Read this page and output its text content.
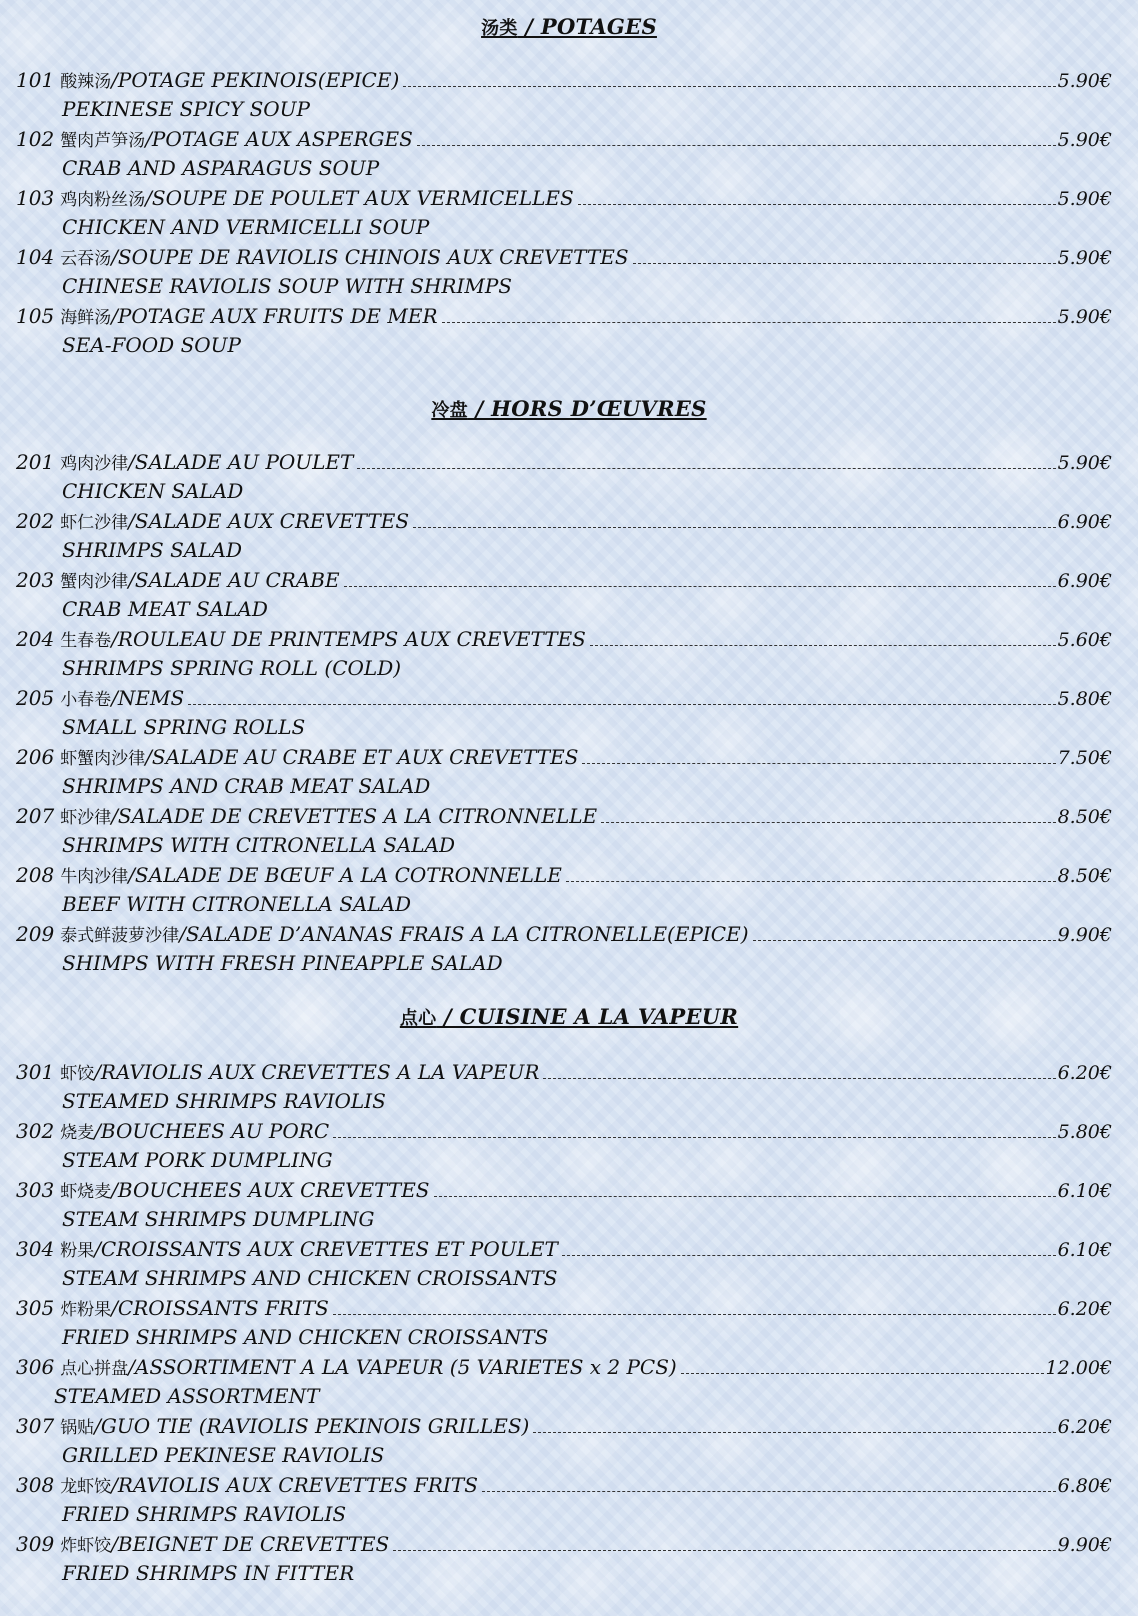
汤类 / POTAGES
101 酸辣汤 /POTAGE PEKINOIS(EPICE)	5.90€
PEKINESE SPICY SOUP
102 蟹肉芦笋汤 /POTAGE AUX ASPERGES	5.90€
CRAB AND ASPARAGUS SOUP
103 鸡肉粉丝汤 /SOUPE DE POULET AUX VERMICELLES	5.90€
CHICKEN AND VERMICELLI SOUP
104 云吞汤 /SOUPE DE RAVIOLIS CHINOIS AUX CREVETTES	5.90€
CHINESE RAVIOLIS SOUP WITH SHRIMPS
105 海鲜汤 /POTAGE AUX FRUITS DE MER	5.90€
SEA-FOOD SOUP
冷盘 / HORS D’ŒUVRES
201 鸡肉沙律 /SALADE AU POULET	5.90€
CHICKEN SALAD
202 虾仁沙律 /SALADE AUX CREVETTES	6.90€
SHRIMPS SALAD
203 蟹肉沙律 /SALADE AU CRABE	6.90€
CRAB MEAT SALAD
204 生春卷 /ROULEAU DE PRINTEMPS AUX CREVETTES	5.60€
SHRIMPS SPRING ROLL (COLD)
205 小春卷 /NEMS	5.80€
SMALL SPRING ROLLS
206 虾蟹肉沙律 /SALADE AU CRABE ET AUX CREVETTES	7.50€
SHRIMPS AND CRAB MEAT SALAD
207 虾沙律 /SALADE DE CREVETTES A LA CITRONNELLE	8.50€
SHRIMPS WITH CITRONELLA SALAD
208 牛肉沙律 /SALADE DE BŒUF A LA COTRONNELLE	8.50€
BEEF WITH CITRONELLA SALAD
209 泰式鲜菠萝沙律 /SALADE D’ANANAS FRAIS A LA CITRONELLE(EPICE)	9.90€
SHIMPS WITH FRESH PINEAPPLE SALAD
点心 / CUISINE A LA VAPEUR
301 虾饺 /RAVIOLIS AUX CREVETTES A LA VAPEUR	6.20€
STEAMED SHRIMPS RAVIOLIS
302 烧麦 /BOUCHEES AU PORC	5.80€
STEAM PORK DUMPLING
303 虾烧麦 /BOUCHEES AUX CREVETTES	6.10€
STEAM SHRIMPS DUMPLING
304 粉果 /CROISSANTS AUX CREVETTES ET POULET	6.10€
STEAM SHRIMPS AND CHICKEN CROISSANTS
305 炸粉果 /CROISSANTS FRITS	6.20€
FRIED SHRIMPS AND CHICKEN CROISSANTS
306 点心拼盘 /ASSORTIMENT A LA VAPEUR (5 VARIETES x 2 PCS)	12.00€
STEAMED ASSORTMENT
307 锅贴 /GUO TIE (RAVIOLIS PEKINOIS GRILLES)	6.20€
GRILLED PEKINESE RAVIOLIS
308 龙虾饺 /RAVIOLIS AUX CREVETTES FRITS	6.80€
FRIED SHRIMPS RAVIOLIS
309 炸虾饺 /BEIGNET DE CREVETTES	9.90€
FRIED SHRIMPS IN FITTER
